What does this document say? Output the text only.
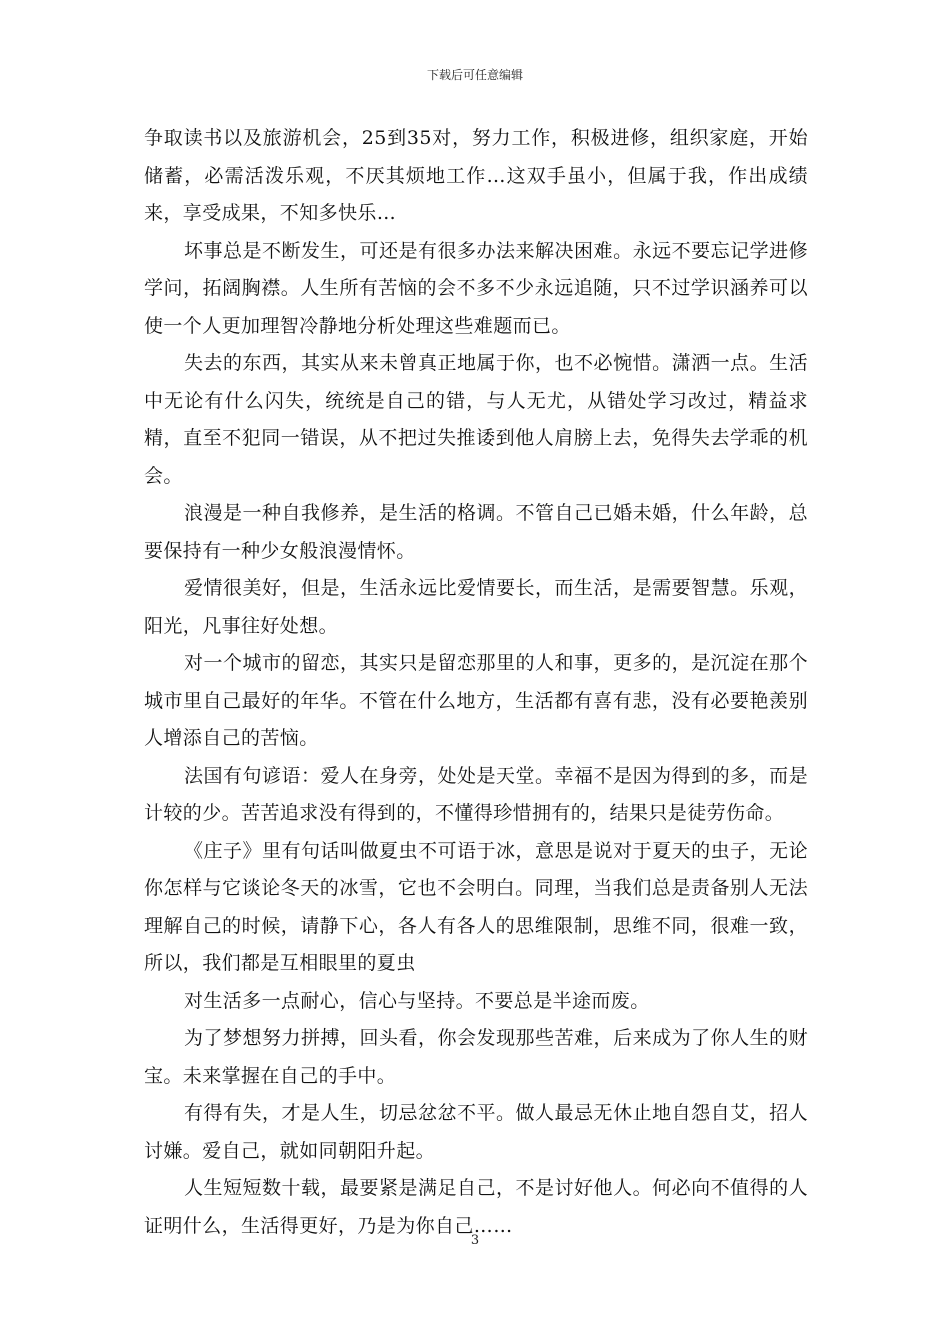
下载后可任意编辑

争取读书以及旅游机会，25到35对，努力工作，积极进修，组织家庭，开始储蓄，必需活泼乐观，不厌其烦地工作…这双手虽小，但属于我，作出成绩来，享受成果，不知多快乐…

坏事总是不断发生，可还是有很多办法来解决困难。永远不要忘记学进修学问，拓阔胸襟。人生所有苦恼的会不多不少永远追随，只不过学识涵养可以使一个人更加理智冷静地分析处理这些难题而已。

失去的东西，其实从来未曾真正地属于你，也不必惋惜。潇洒一点。生活中无论有什么闪失，统统是自己的错，与人无尤，从错处学习改过，精益求精，直至不犯同一错误，从不把过失推诿到他人肩膀上去，免得失去学乖的机会。

浪漫是一种自我修养，是生活的格调。不管自己已婚未婚，什么年龄，总要保持有一种少女般浪漫情怀。

爱情很美好，但是，生活永远比爱情要长，而生活，是需要智慧。乐观，阳光，凡事往好处想。

对一个城市的留恋，其实只是留恋那里的人和事，更多的，是沉淀在那个城市里自己最好的年华。不管在什么地方，生活都有喜有悲，没有必要艳羡别人增添自己的苦恼。

法国有句谚语：爱人在身旁，处处是天堂。幸福不是因为得到的多，而是计较的少。苦苦追求没有得到的，不懂得珍惜拥有的，结果只是徒劳伤命。

《庄子》里有句话叫做夏虫不可语于冰，意思是说对于夏天的虫子，无论你怎样与它谈论冬天的冰雪，它也不会明白。同理，当我们总是责备别人无法理解自己的时候，请静下心，各人有各人的思维限制，思维不同，很难一致，所以，我们都是互相眼里的夏虫

对生活多一点耐心，信心与坚持。不要总是半途而废。

为了梦想努力拼搏，回头看，你会发现那些苦难，后来成为了你人生的财宝。未来掌握在自己的手中。

有得有失，才是人生，切忌忿忿不平。做人最忌无休止地自怨自艾，招人讨嫌。爱自己，就如同朝阳升起。

人生短短数十载，最要紧是满足自己，不是讨好他人。何必向不值得的人证明什么，生活得更好，乃是为你自己……

3
